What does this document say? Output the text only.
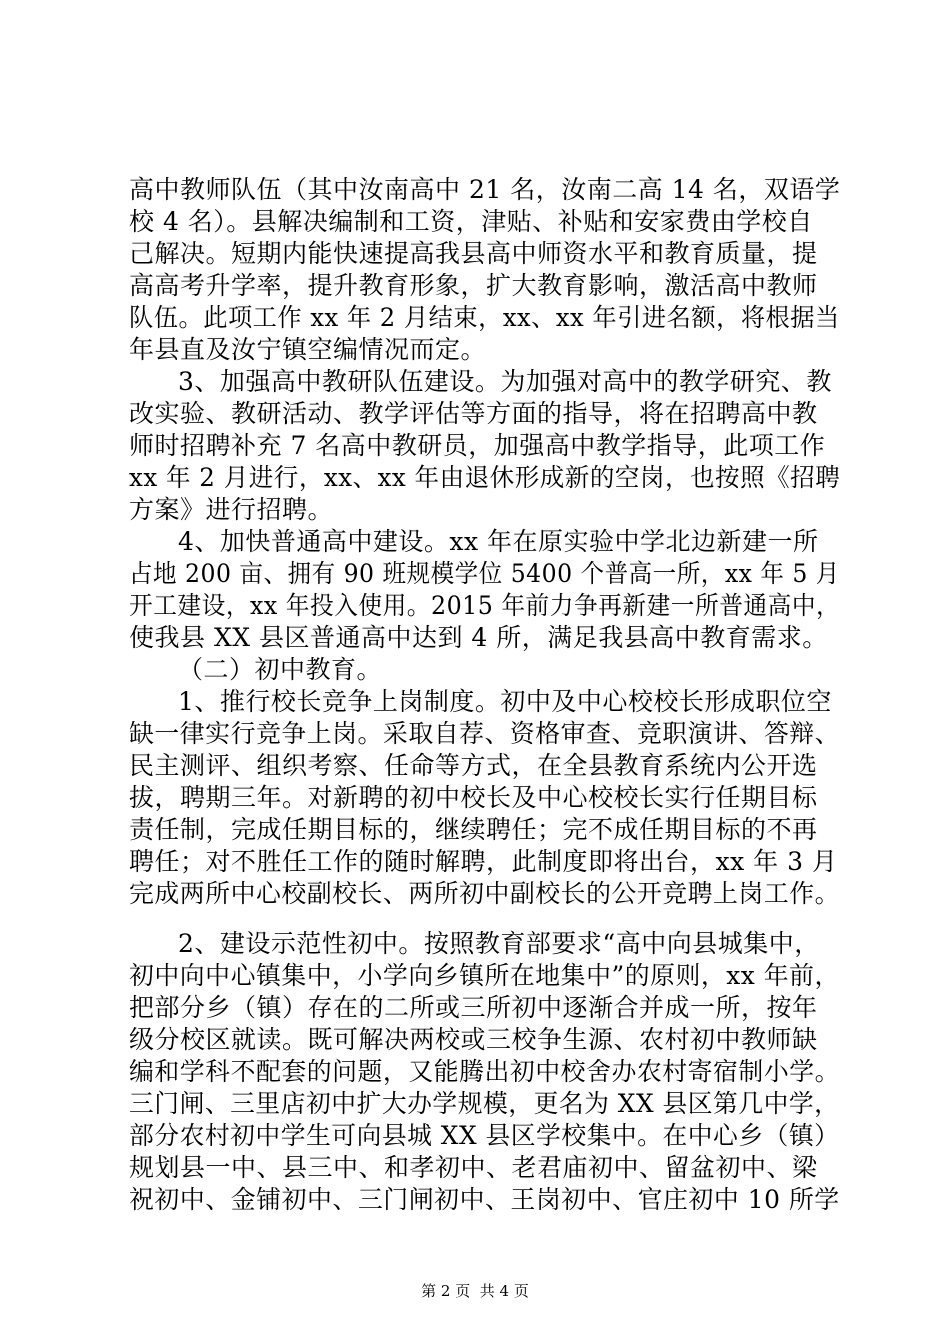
高中教师队伍（其中汝南高中 21 名，汝南二高 14 名，双语学
校 4 名）。县解决编制和工资，津贴、补贴和安家费由学校自
己解决。短期内能快速提高我县高中师资水平和教育质量，提
高高考升学率，提升教育形象，扩大教育影响，激活高中教师
队伍。此项工作 xx 年 2 月结束，xx、xx 年引进名额，将根据当
年县直及汝宁镇空编情况而定。
3、加强高中教研队伍建设。为加强对高中的教学研究、教
改实验、教研活动、教学评估等方面的指导，将在招聘高中教
师时招聘补充 7 名高中教研员，加强高中教学指导，此项工作
xx 年 2 月进行，xx、xx 年由退休形成新的空岗，也按照《招聘
方案》进行招聘。
4、加快普通高中建设。xx 年在原实验中学北边新建一所
占地 200 亩、拥有 90 班规模学位 5400 个普高一所，xx 年 5 月
开工建设，xx 年投入使用。2015 年前力争再新建一所普通高中，
使我县 XX 县区普通高中达到 4 所，满足我县高中教育需求。
（二）初中教育。
1、推行校长竞争上岗制度。初中及中心校校长形成职位空
缺一律实行竞争上岗。采取自荐、资格审查、竞职演讲、答辩、
民主测评、组织考察、任命等方式，在全县教育系统内公开选
拔，聘期三年。对新聘的初中校长及中心校校长实行任期目标
责任制，完成任期目标的，继续聘任；完不成任期目标的不再
聘任；对不胜任工作的随时解聘，此制度即将出台，xx 年 3 月
完成两所中心校副校长、两所初中副校长的公开竞聘上岗工作。
2、建设示范性初中。按照教育部要求“高中向县城集中，
初中向中心镇集中，小学向乡镇所在地集中”的原则，xx 年前，
把部分乡（镇）存在的二所或三所初中逐渐合并成一所，按年
级分校区就读。既可解决两校或三校争生源、农村初中教师缺
编和学科不配套的问题，又能腾出初中校舍办农村寄宿制小学。
三门闸、三里店初中扩大办学规模，更名为 XX 县区第几中学，
部分农村初中学生可向县城 XX 县区学校集中。在中心乡（镇）
规划县一中、县三中、和孝初中、老君庙初中、留盆初中、梁
祝初中、金铺初中、三门闸初中、王岗初中、官庄初中 10 所学
第 2 页  共 4 页
